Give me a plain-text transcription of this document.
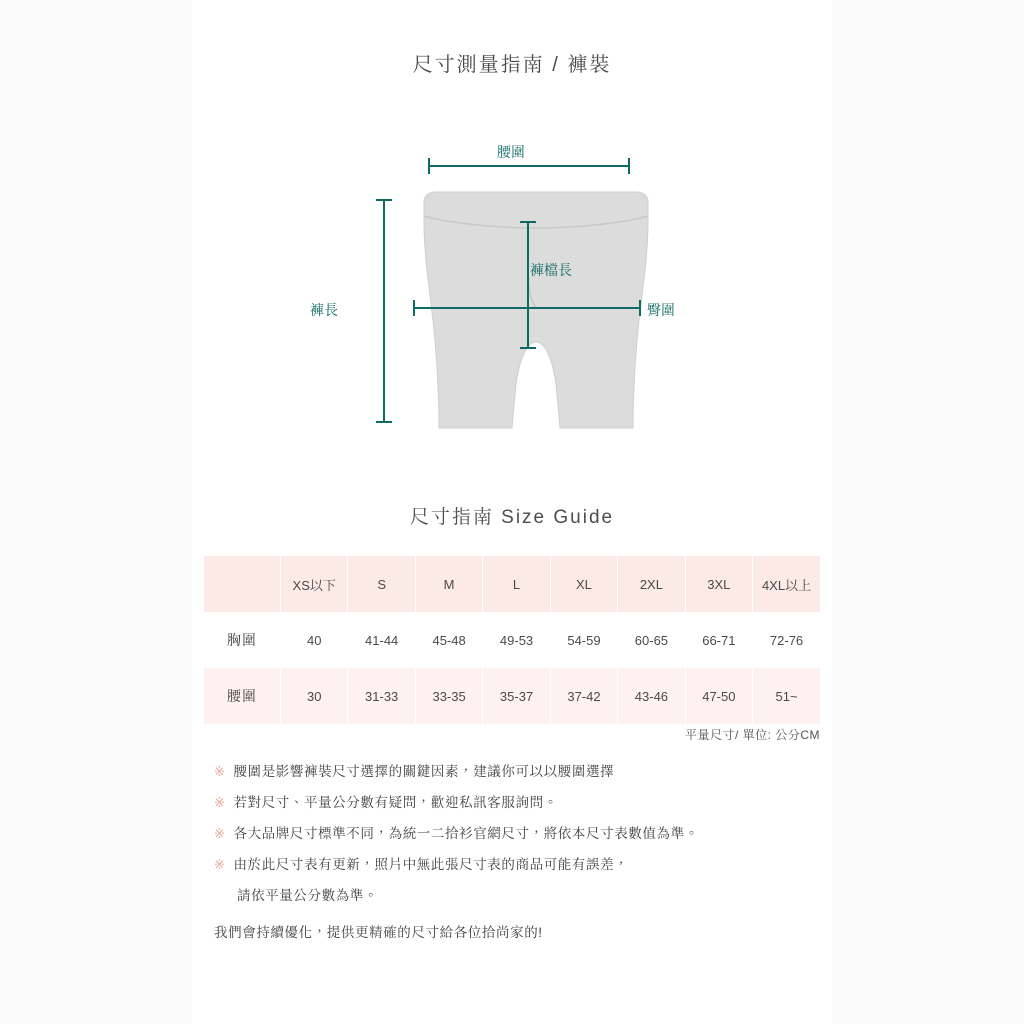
尺寸測量指南 / 褲裝
腰圍
褲檔長
臀圍
褲長
尺寸指南 Size Guide
	XS以下	S	M	L	XL	2XL	3XL	4XL以上
胸圍	40	41-44	45-48	49-53	54-59	60-65	66-71	72-76
腰圍	30	31-33	33-35	35-37	37-42	43-46	47-50	51~
平量尺寸/ 單位: 公分CM
※ 腰圍是影響褲裝尺寸選擇的關鍵因素，建議你可以以腰圍選擇
※ 若對尺寸、平量公分數有疑問，歡迎私訊客服詢問。
※ 各大品牌尺寸標準不同，為統一二拾衫官網尺寸，將依本尺寸表數值為準。
※ 由於此尺寸表有更新，照片中無此張尺寸表的商品可能有誤差，
請依平量公分數為準。
我們會持續優化，提供更精確的尺寸給各位拾尚家的!
